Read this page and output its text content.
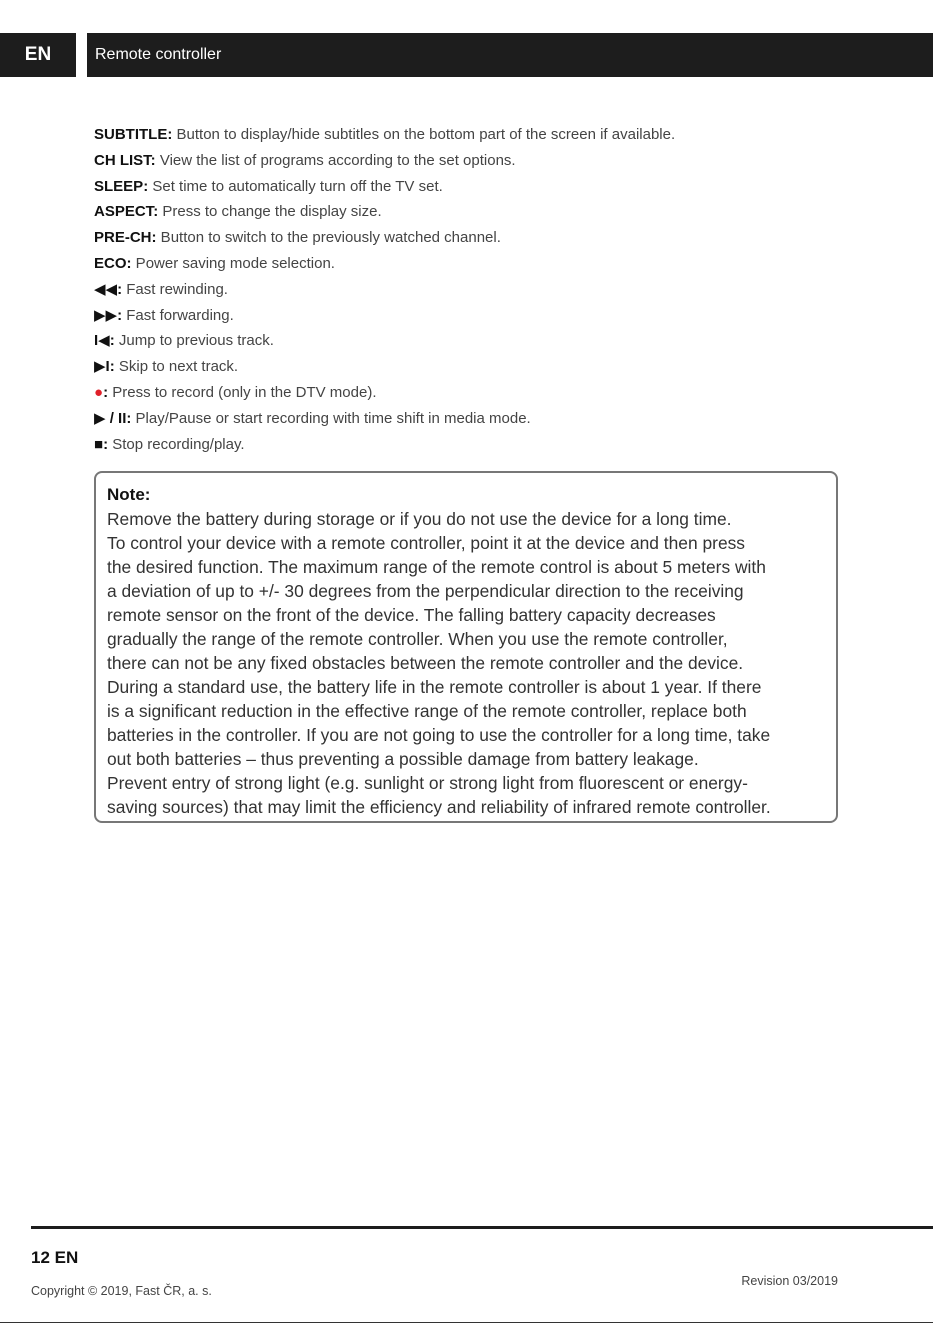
EN	Remote controller
SUBTITLE: Button to display/hide subtitles on the bottom part of the screen if available.
CH LIST: View the list of programs according to the set options.
SLEEP: Set time to automatically turn off the TV set.
ASPECT: Press to change the display size.
PRE-CH: Button to switch to the previously watched channel.
ECO: Power saving mode selection.
◀◀: Fast rewinding.
▶▶: Fast forwarding.
I◀: Jump to previous track.
▶I: Skip to next track.
●: Press to record (only in the DTV mode).
▶ / II: Play/Pause or start recording with time shift in media mode.
■: Stop recording/play.
Note:
Remove the battery during storage or if you do not use the device for a long time.
To control your device with a remote controller, point it at the device and then press
the desired function. The maximum range of the remote control is about 5 meters with
a deviation of up to +/- 30 degrees from the perpendicular direction to the receiving
remote sensor on the front of the device. The falling battery capacity decreases
gradually the range of the remote controller. When you use the remote controller,
there can not be any fixed obstacles between the remote controller and the device.
During a standard use, the battery life in the remote controller is about 1 year. If there
is a significant reduction in the effective range of the remote controller, replace both
batteries in the controller. If you are not going to use the controller for a long time, take
out both batteries – thus preventing a possible damage from battery leakage.
Prevent entry of strong light (e.g. sunlight or strong light from fluorescent or energy-
saving sources) that may limit the efficiency and reliability of infrared remote controller.
12 EN
Revision 03/2019
Copyright © 2019, Fast ČR, a. s.
